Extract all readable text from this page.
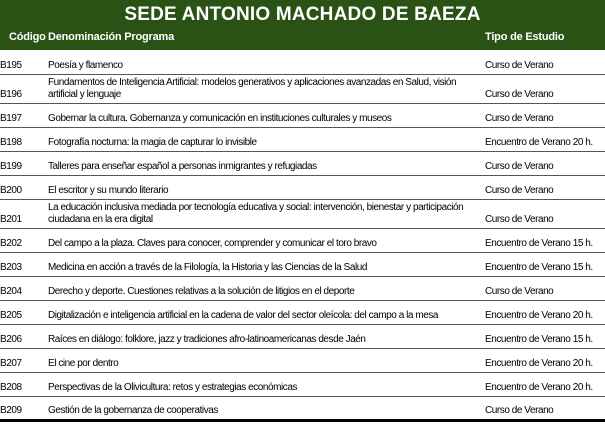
SEDE ANTONIO MACHADO DE BAEZA
Código Denominación Programa	Tipo de Estudio
B195	Poesía y flamenco	Curso de Verano
B196	Fundamentos de Inteligencia Artificial: modelos generativos y aplicaciones avanzadas en Salud, visión artificial y lenguaje	Curso de Verano
B197	Gobernar la cultura. Gobernanza y comunicación en instituciones culturales y museos	Curso de Verano
B198	Fotografía nocturna: la magia de capturar lo invisible	Encuentro de Verano 20 h.
B199	Talleres para enseñar español a personas inmigrantes y refugiadas	Curso de Verano
B200	El escritor y su mundo literario	Curso de Verano
B201	La educación inclusiva mediada por tecnología educativa y social: intervención, bienestar y participación ciudadana en la era digital	Curso de Verano
B202	Del campo a la plaza. Claves para conocer, comprender y comunicar el toro bravo	Encuentro de Verano 15 h.
B203	Medicina en acción a través de la Filología, la Historia y las Ciencias de la Salud	Encuentro de Verano 15 h.
B204	Derecho y deporte. Cuestiones relativas a la solución de litigios en el deporte	Curso de Verano
B205	Digitalización e inteligencia artificial en la cadena de valor del sector oleícola: del campo a la mesa	Encuentro de Verano 20 h.
B206	Raíces en diálogo: folklore, jazz y tradiciones afro-latinoamericanas desde Jaén	Encuentro de Verano 15 h.
B207	El cine por dentro	Encuentro de Verano 20 h.
B208	Perspectivas de la Olivicultura: retos y estrategias económicas	Encuentro de Verano 20 h.
B209	Gestión de la gobernanza de cooperativas	Curso de Verano
